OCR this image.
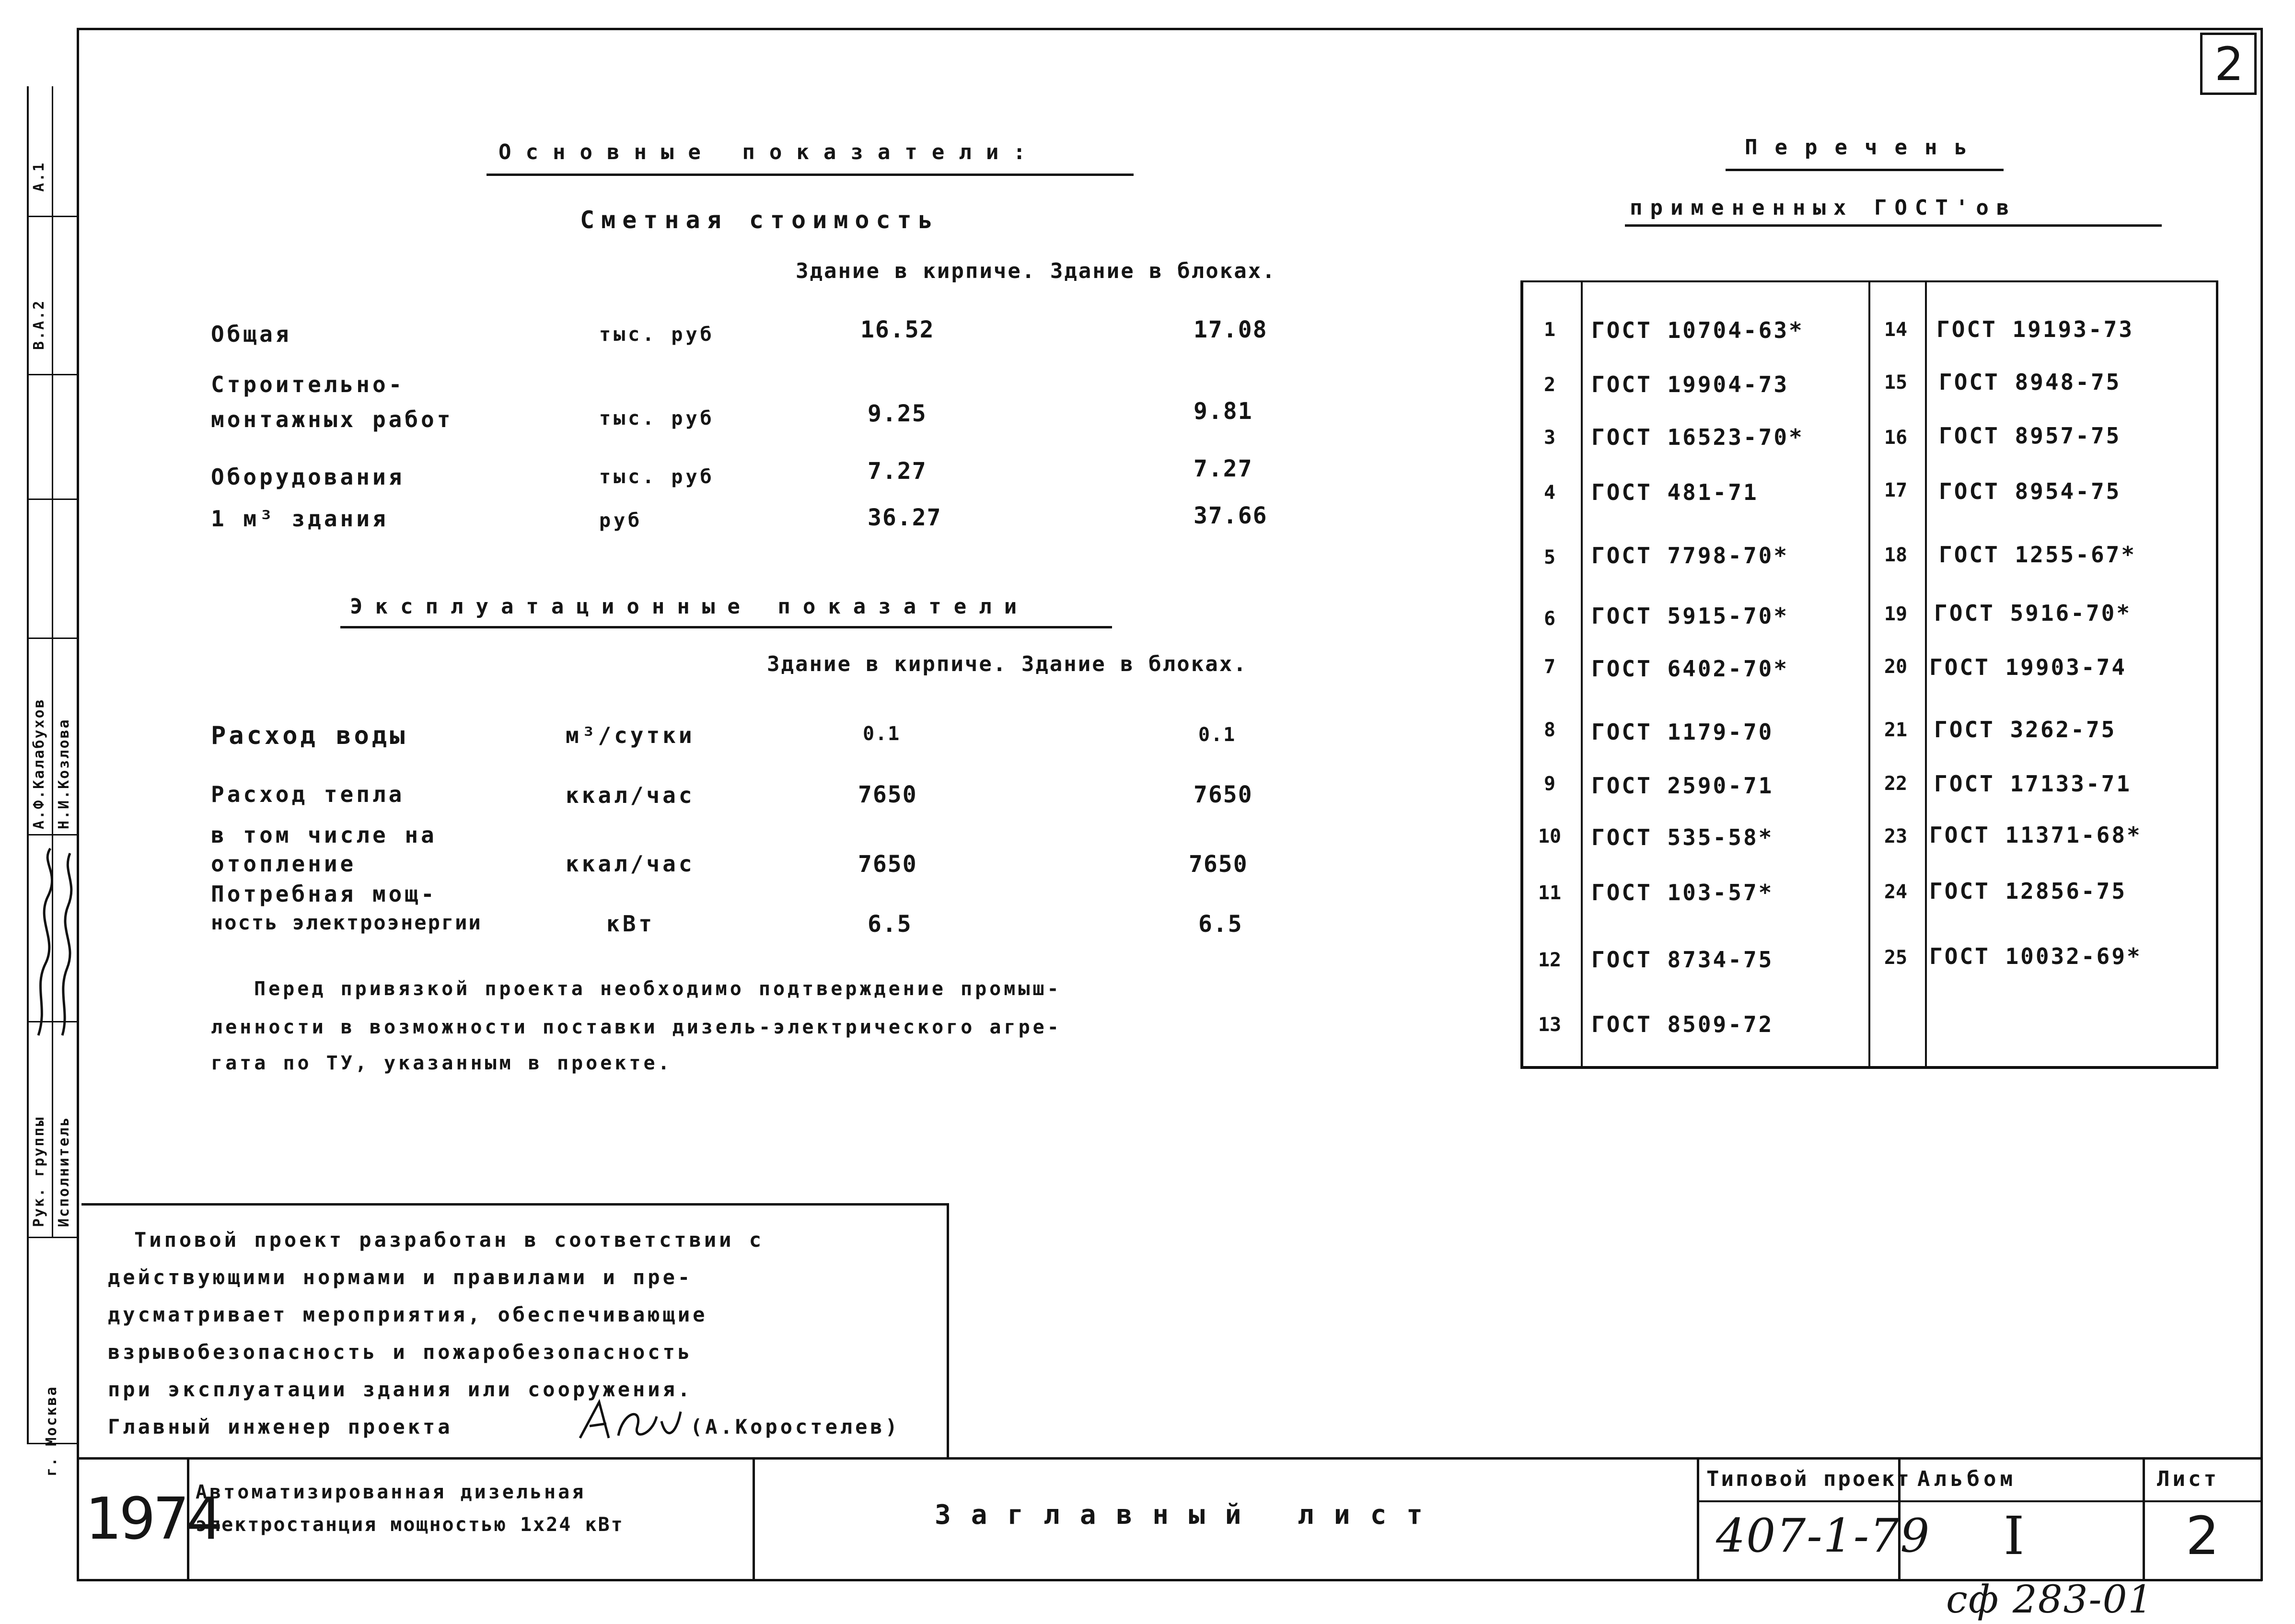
2
А.1
В.А.2
А.Ф.Калабухов Н.И.Козлова
Рук. группы Исполнитель
г. Москва
Основные показатели:
Сметная стоимость
Здание в кирпиче. Здание в блоках.
Общая	тыс. руб	16.52	17.08
Строительно-
монтажных работ	тыс. руб	9.25	9.81
Оборудования	тыс. руб	7.27	7.27
1 м³ здания	руб	36.27	37.66
Эксплуатационные показатели
Здание в кирпиче. Здание в блоках.
Расход воды	м³/сутки	0.1	0.1
Расход тепла	ккал/час	7650	7650
в том числе на
отопление	ккал/час	7650	7650
Потребная мощ-
ность электроэнергии	кВт	6.5	6.5
Перед привязкой проекта необходимо подтверждение промыш-
ленности в возможности поставки дизель-электрического агре-
гата по ТУ, указанным в проекте.
Перечень
примененных ГОСТ'ов
1	ГОСТ 10704-63*
2	ГОСТ 19904-73
3	ГОСТ 16523-70*
4	ГОСТ 481-71
5	ГОСТ 7798-70*
6	ГОСТ 5915-70*
7	ГОСТ 6402-70*
8	ГОСТ 1179-70
9	ГОСТ 2590-71
10	ГОСТ 535-58*
11	ГОСТ 103-57*
12	ГОСТ 8734-75
13	ГОСТ 8509-72
14	ГОСТ 19193-73
15	ГОСТ 8948-75
16	ГОСТ 8957-75
17	ГОСТ 8954-75
18	ГОСТ 1255-67*
19	ГОСТ 5916-70*
20 ГОСТ 19903-74
21	ГОСТ 3262-75
22	ГОСТ 17133-71
23 ГОСТ 11371-68*
24 ГОСТ 12856-75
25 ГОСТ 10032-69*
Типовой проект разработан в соответствии с
действующими нормами и правилами и пре-
дусматривает мероприятия, обеспечивающие
взрывобезопасность и пожаробезопасность
при эксплуатации здания или сооружения.
Главный инженер проекта	(А.Коростелев)
1974
Автоматизированная дизельная
электростанция мощностью 1х24 кВт	Заглавный лист
Типовой проект
407-1-79
Альбом
I
Лист
2
сф 283-01
